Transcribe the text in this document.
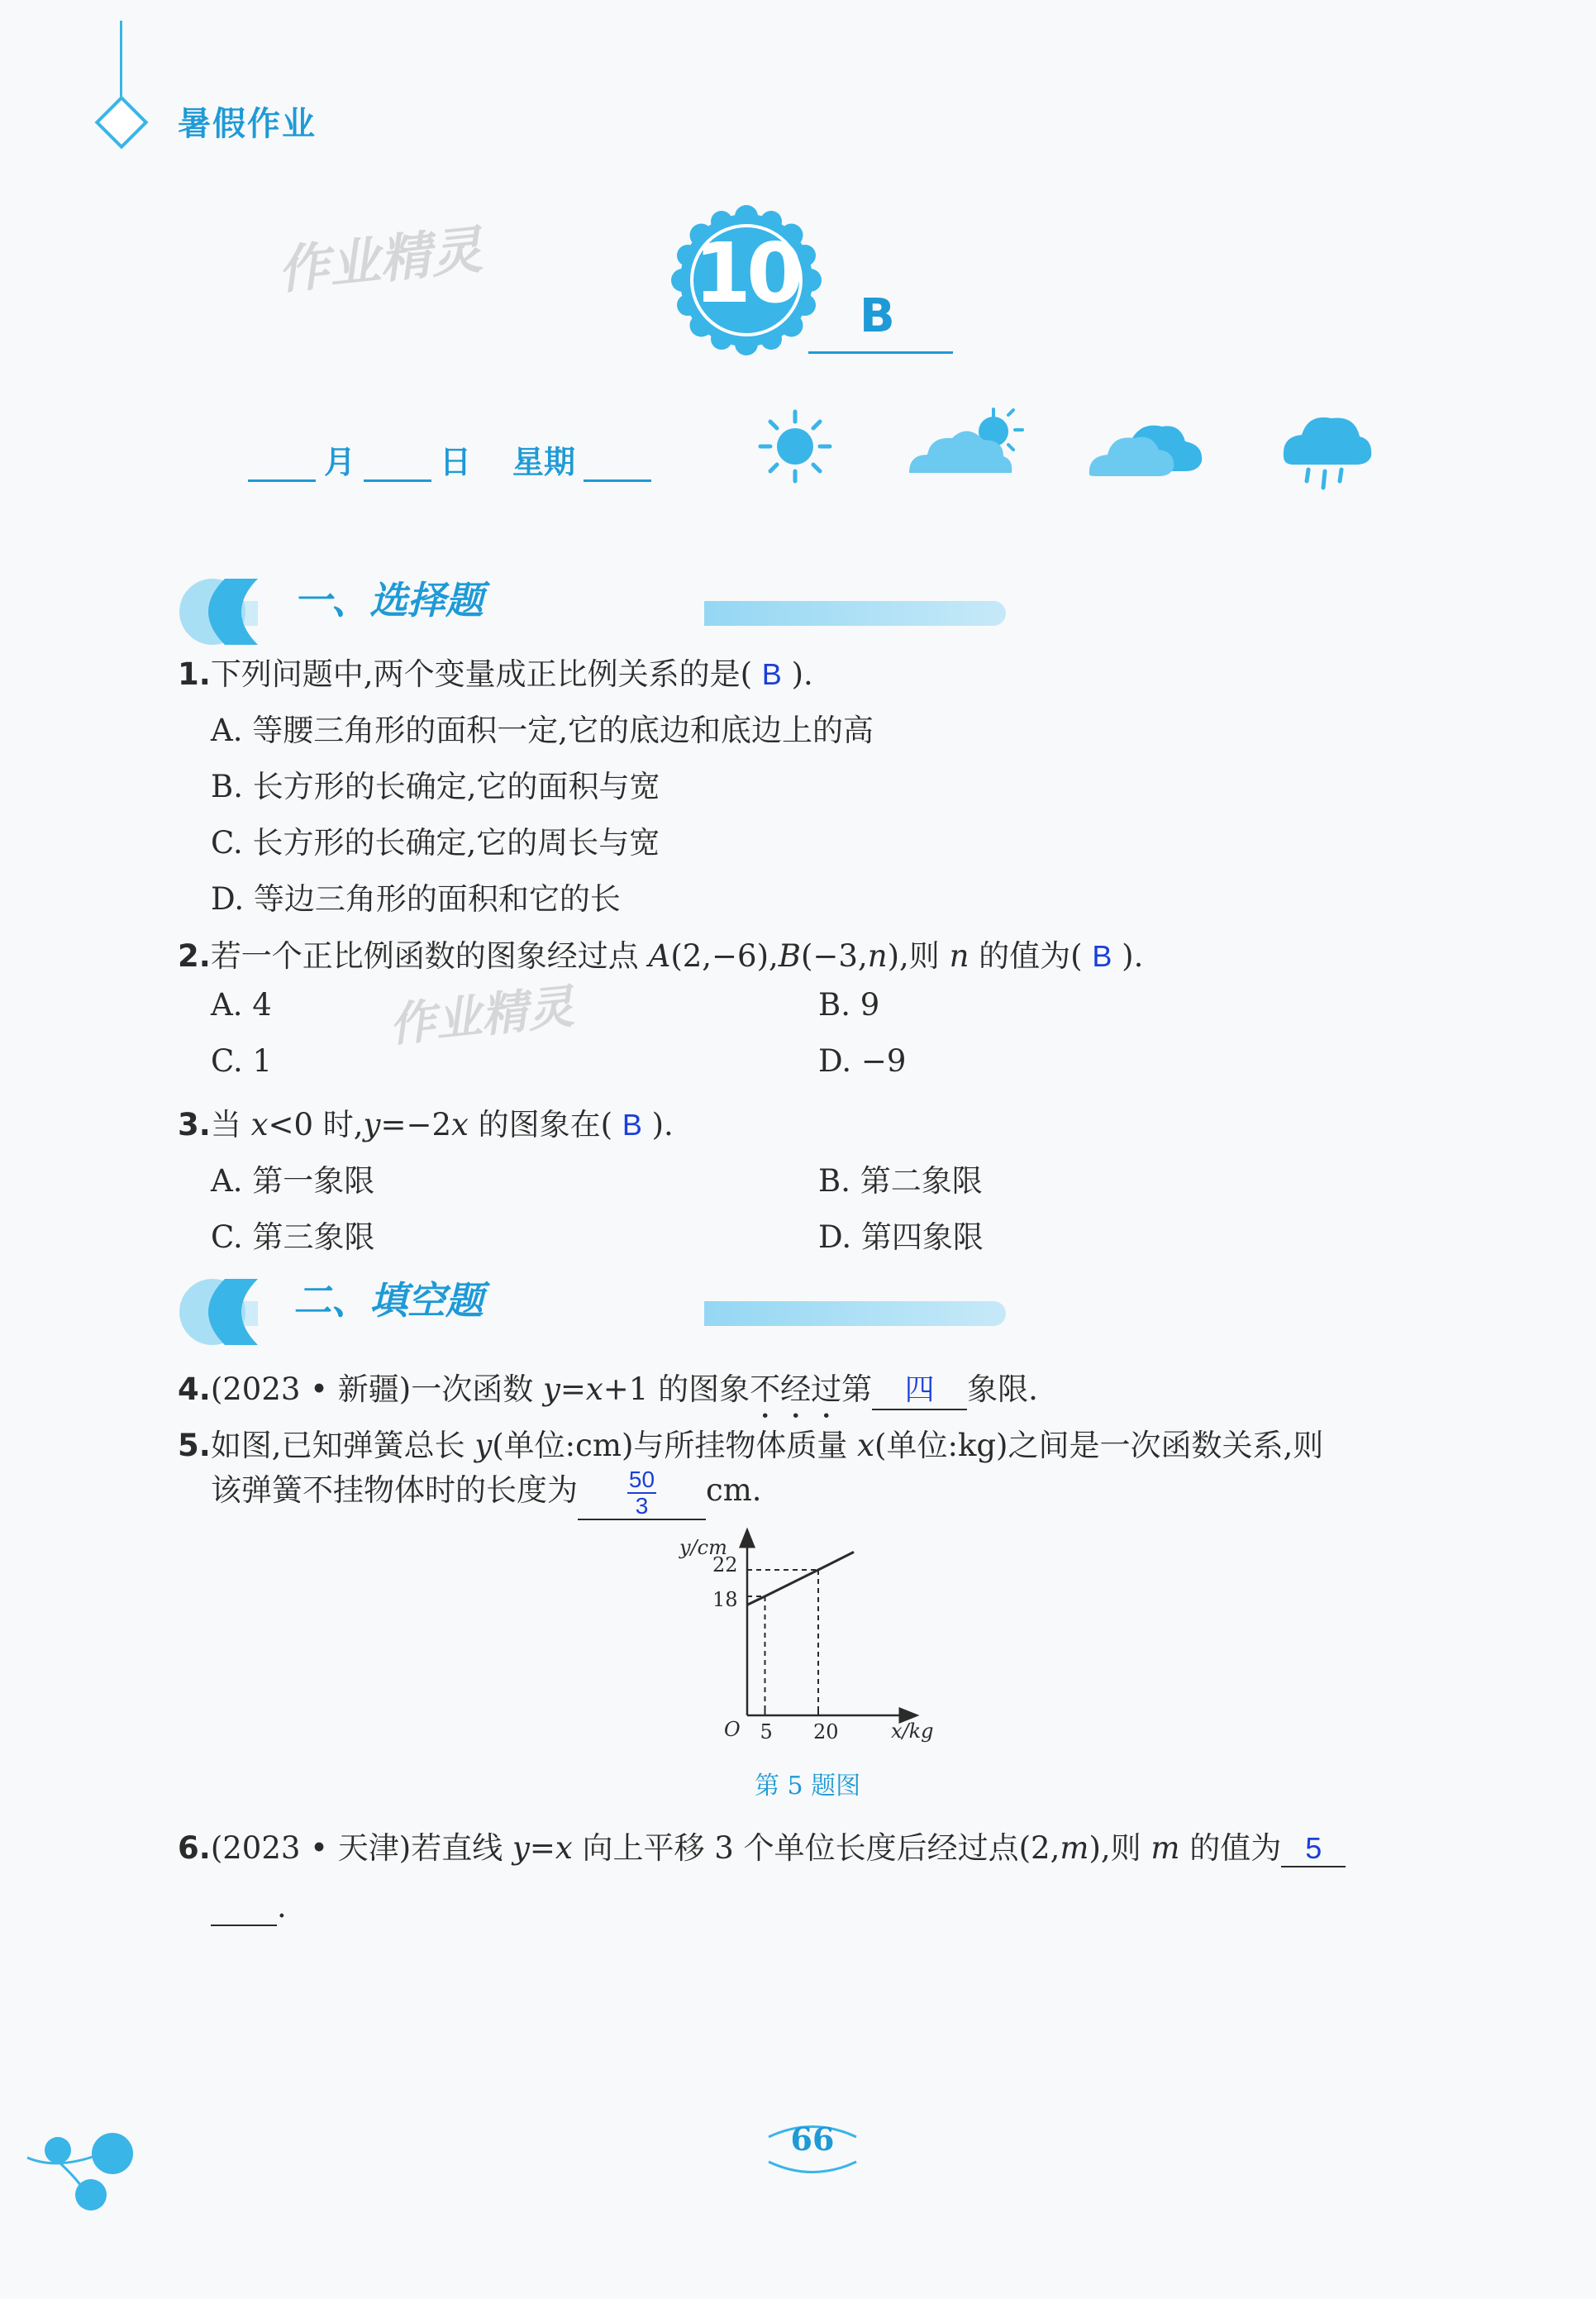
暑假作业
作业精灵
作业精灵
10	B
月	日 星期
一、选择题
1.下列问题中,两个变量成正比例关系的是( B ).
A. 等腰三角形的面积一定,它的底边和底边上的高
B. 长方形的长确定,它的面积与宽
C. 长方形的长确定,它的周长与宽
D. 等边三角形的面积和它的长
2.若一个正比例函数的图象经过点 A(2,−6),B(−3,n),则 n 的值为( B ).
A. 4	B. 9
C. 1	D. −9
3.当 x<0 时,y=−2x 的图象在( B ).
A. 第一象限	B. 第二象限
C. 第三象限	D. 第四象限
二、填空题
4.(2023 • 新疆)一次函数 y=x+1 的图象不经过第 四 象限.
5.如图,已知弹簧总长 y(单位:cm)与所挂物体质量 x(单位:kg)之间是一次函数关系,则
该弹簧不挂物体时的长度为 $\frac{50}{3}$ cm.
5 20
18
22
y/cm
x/kg
O
第 5 题图
6.(2023 • 天津)若直线 y=x 向上平移 3 个单位长度后经过点(2,m),则 m 的值为 5
.
66
